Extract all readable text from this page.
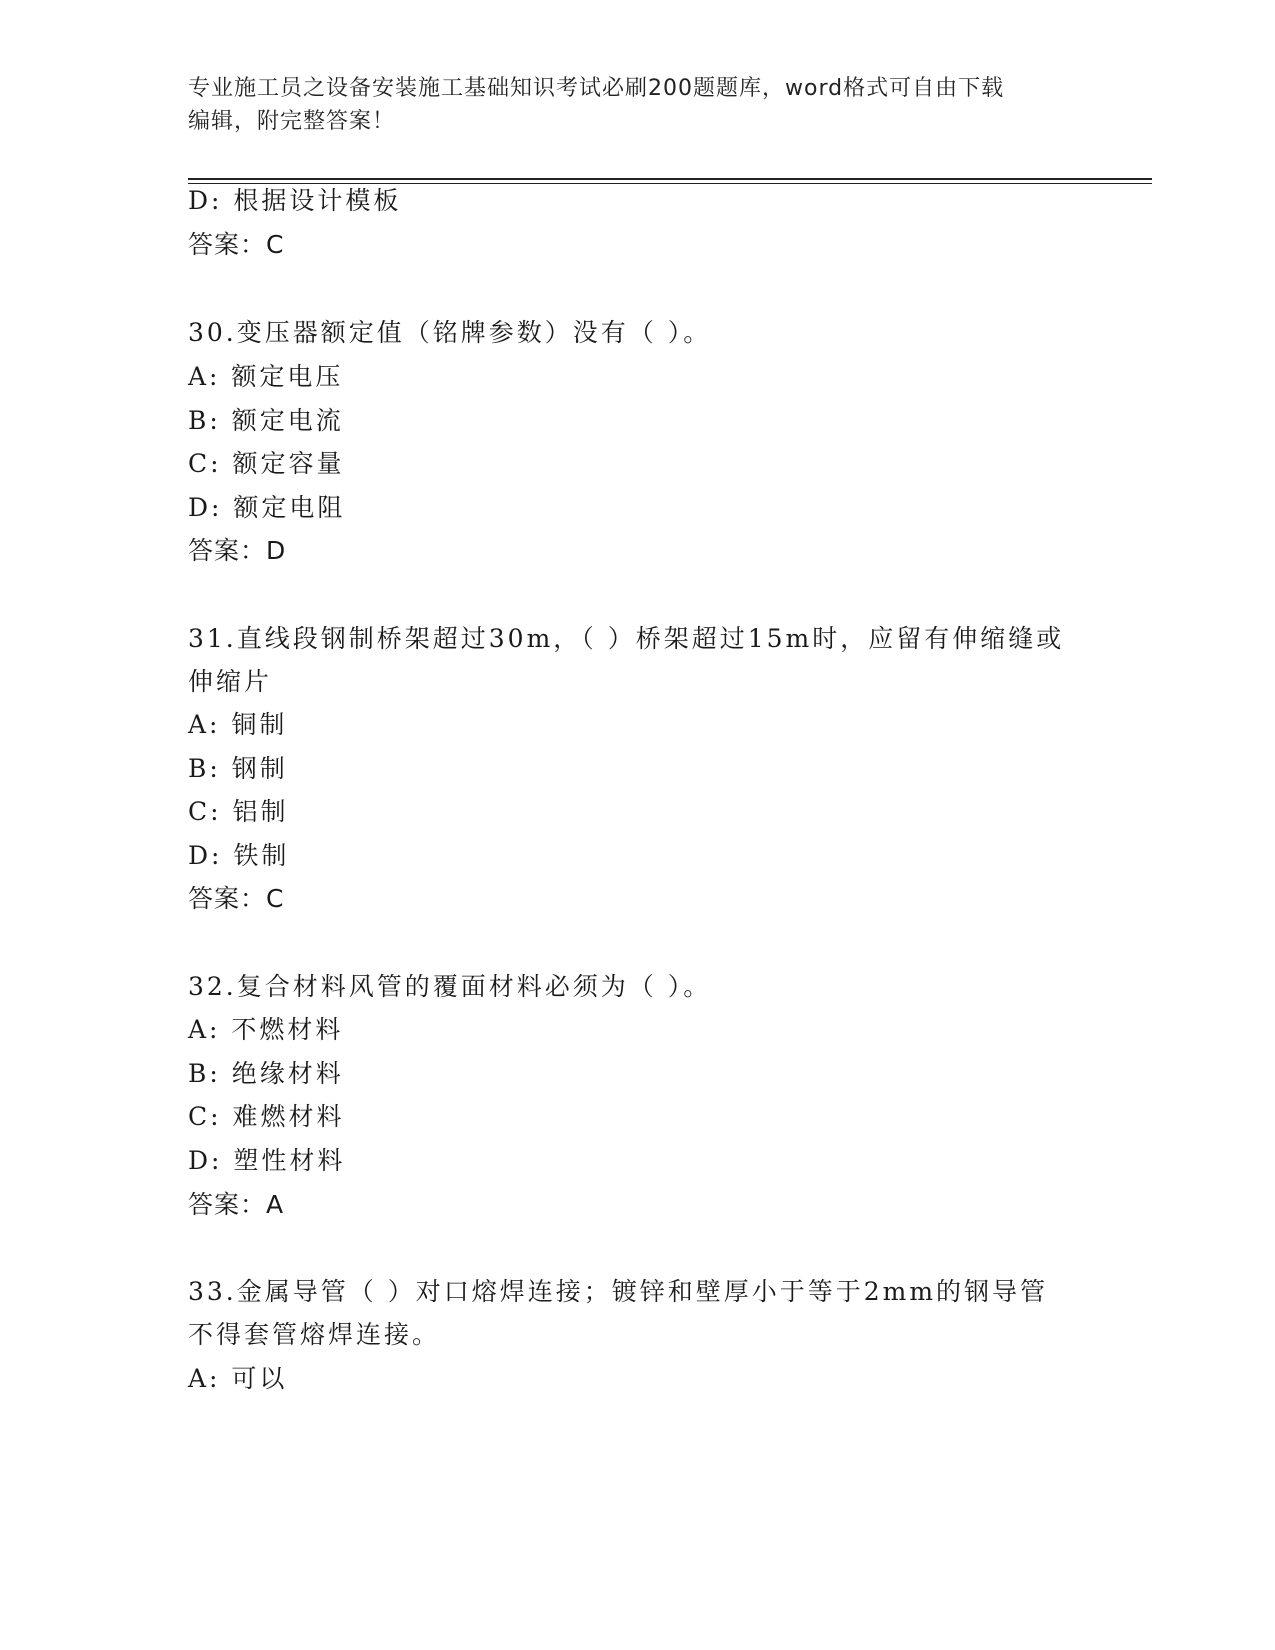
专业施工员之设备安装施工基础知识考试必刷200题题库，word格式可自由下载
编辑，附完整答案！
D: 根据设计模板
答案：C
30.变压器额定值（铭牌参数）没有（ ）。
A: 额定电压
B: 额定电流
C: 额定容量
D: 额定电阻
答案：D
31.直线段钢制桥架超过30m，（ ）桥架超过15m时，应留有伸缩缝或
伸缩片
A: 铜制
B: 钢制
C: 铝制
D: 铁制
答案：C
32.复合材料风管的覆面材料必须为（ ）。
A: 不燃材料
B: 绝缘材料
C: 难燃材料
D: 塑性材料
答案：A
33.金属导管（ ）对口熔焊连接；镀锌和壁厚小于等于2mm的钢导管
不得套管熔焊连接。
A: 可以
